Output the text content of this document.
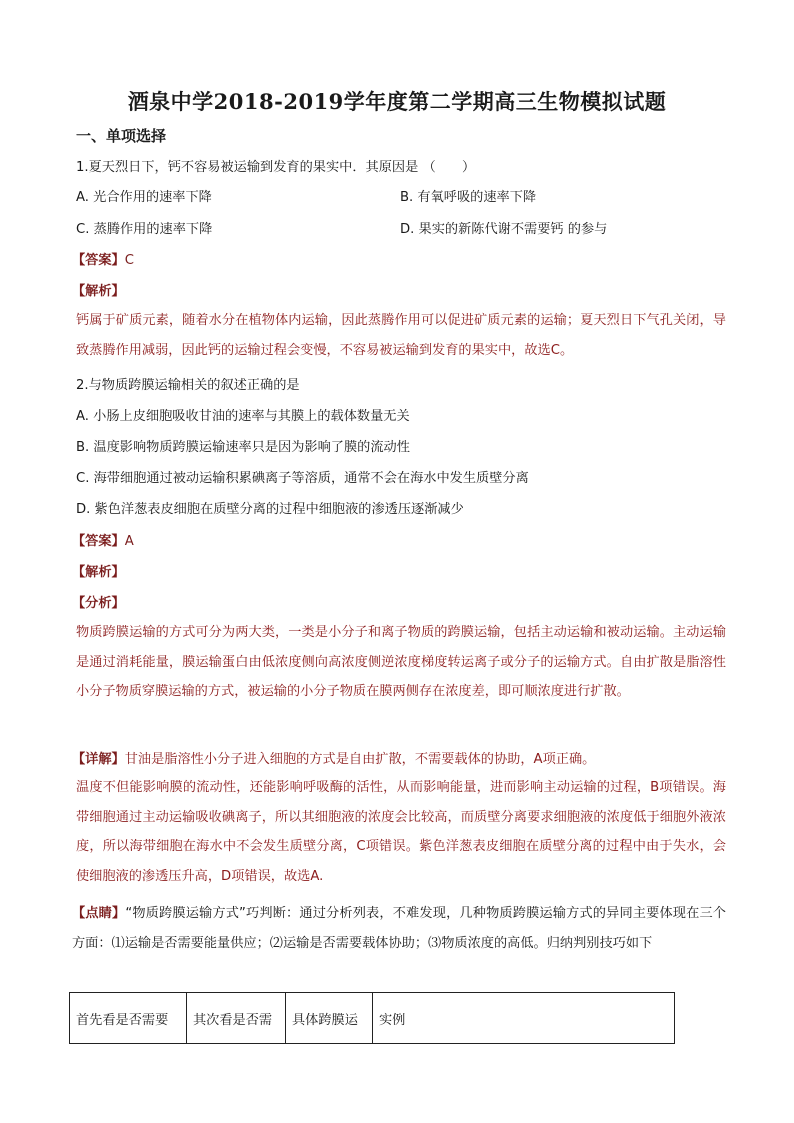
酒泉中学2018-2019学年度第二学期高三生物模拟试题
一、单项选择
1.夏天烈日下，钙不容易被运输到发育的果实中．其原因是 （　　）
A. 光合作用的速率下降	B. 有氧呼吸的速率下降
C. 蒸腾作用的速率下降	D. 果实的新陈代谢不需要钙 的参与
【答案】C
【解析】
钙属于矿质元素，随着水分在植物体内运输，因此蒸腾作用可以促进矿质元素的运输；夏天烈日下气孔关闭，导致蒸腾作用减弱，因此钙的运输过程会变慢，不容易被运输到发育的果实中，故选C。
2.与物质跨膜运输相关的叙述正确的是
A. 小肠上皮细胞吸收甘油的速率与其膜上的载体数量无关
B. 温度影响物质跨膜运输速率只是因为影响了膜的流动性
C. 海带细胞通过被动运输积累碘离子等溶质，通常不会在海水中发生质壁分离
D. 紫色洋葱表皮细胞在质壁分离的过程中细胞液的渗透压逐渐减少
【答案】A
【解析】
【分析】
物质跨膜运输的方式可分为两大类，一类是小分子和离子物质的跨膜运输，包括主动运输和被动运输。主动运输是通过消耗能量，膜运输蛋白由低浓度侧向高浓度侧逆浓度梯度转运离子或分子的运输方式。自由扩散是脂溶性小分子物质穿膜运输的方式，被运输的小分子物质在膜两侧存在浓度差，即可顺浓度进行扩散。
【详解】甘油是脂溶性小分子进入细胞的方式是自由扩散，不需要载体的协助，A项正确。
温度不但能影响膜的流动性，还能影响呼吸酶的活性，从而影响能量，进而影响主动运输的过程，B项错误。海带细胞通过主动运输吸收碘离子，所以其细胞液的浓度会比较高，而质壁分离要求细胞液的浓度低于细胞外液浓度，所以海带细胞在海水中不会发生质壁分离，C项错误。紫色洋葱表皮细胞在质壁分离的过程中由于失水，会使细胞液的渗透压升高，D项错误，故选A.
【点睛】“物质跨膜运输方式”巧判断：通过分析列表，不难发现，几种物质跨膜运输方式的异同主要体现在三个方面：⑴运输是否需要能量供应；⑵运输是否需要载体协助；⑶物质浓度的高低。归纳判别技巧如下
首先看是否需要	其次看是否需	具体跨膜运	实例
